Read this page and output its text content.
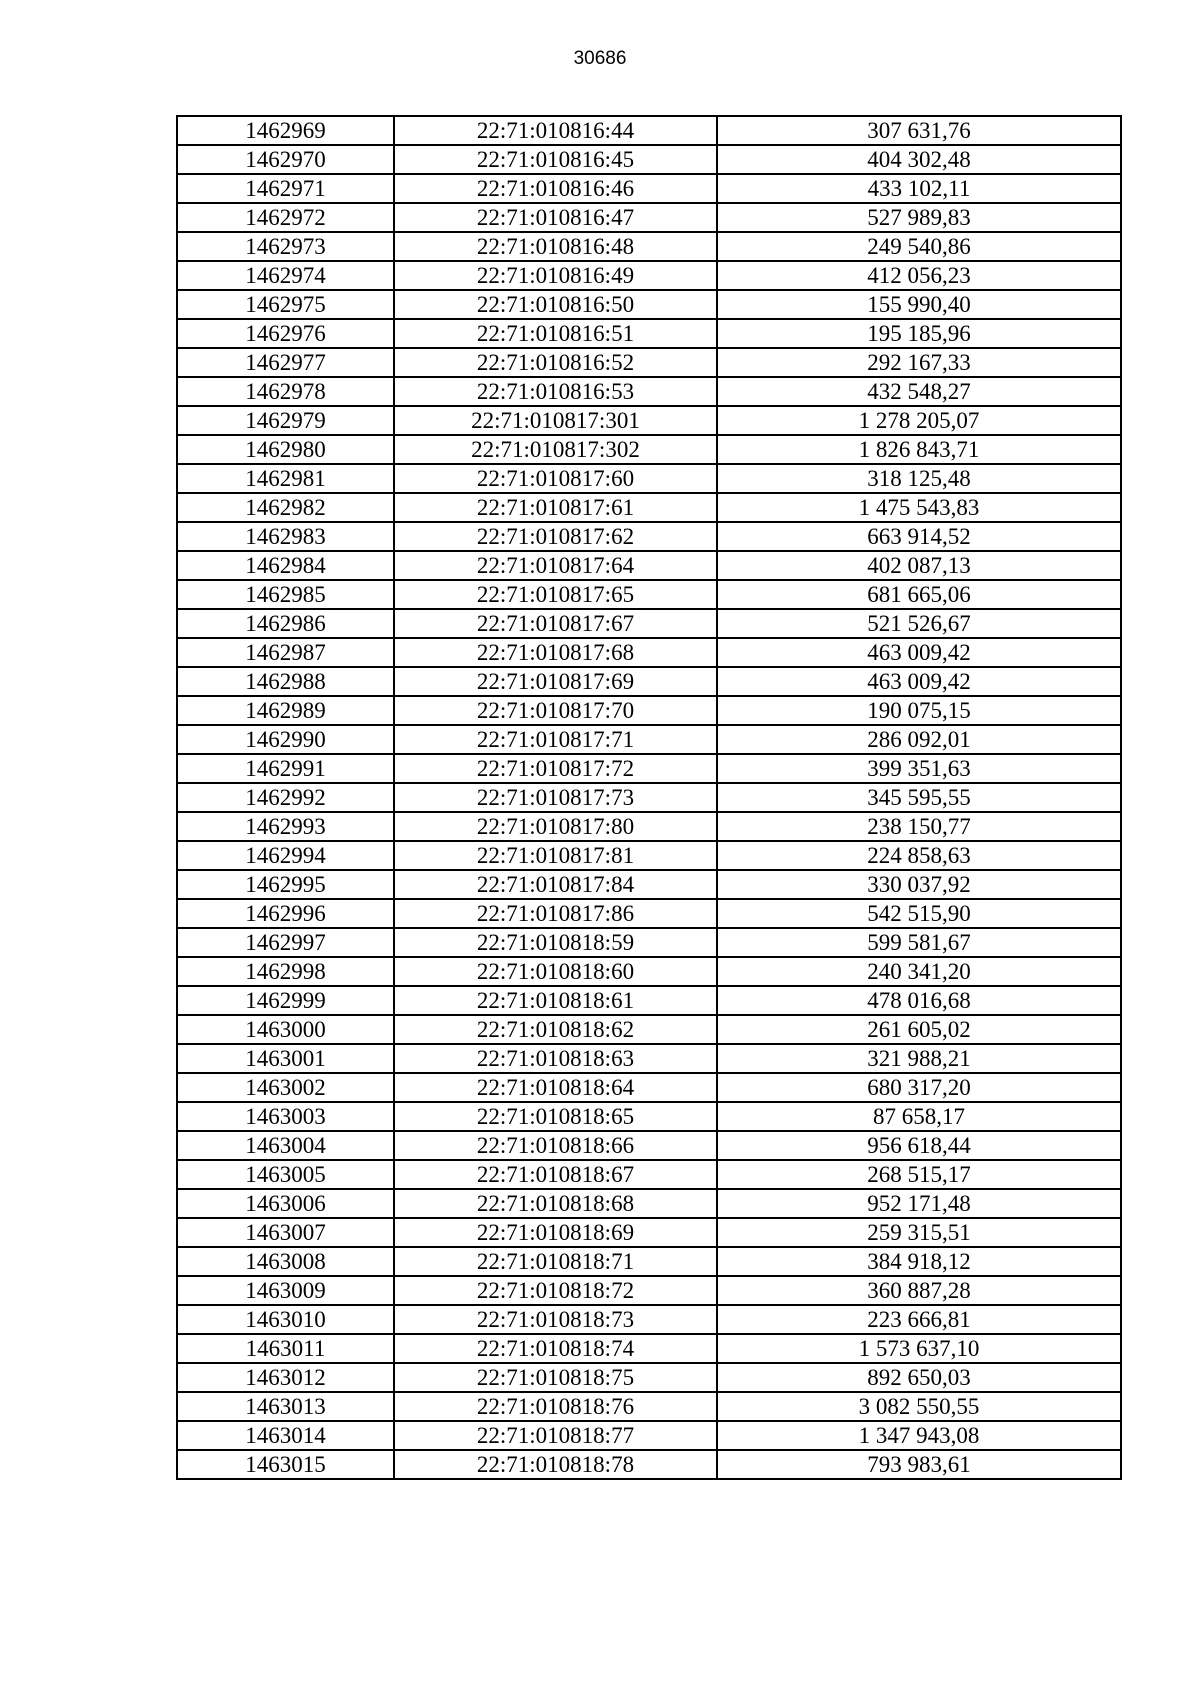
30686
1462969	22:71:010816:44	307 631,76
1462970	22:71:010816:45	404 302,48
1462971	22:71:010816:46	433 102,11
1462972	22:71:010816:47	527 989,83
1462973	22:71:010816:48	249 540,86
1462974	22:71:010816:49	412 056,23
1462975	22:71:010816:50	155 990,40
1462976	22:71:010816:51	195 185,96
1462977	22:71:010816:52	292 167,33
1462978	22:71:010816:53	432 548,27
1462979	22:71:010817:301	1 278 205,07
1462980	22:71:010817:302	1 826 843,71
1462981	22:71:010817:60	318 125,48
1462982	22:71:010817:61	1 475 543,83
1462983	22:71:010817:62	663 914,52
1462984	22:71:010817:64	402 087,13
1462985	22:71:010817:65	681 665,06
1462986	22:71:010817:67	521 526,67
1462987	22:71:010817:68	463 009,42
1462988	22:71:010817:69	463 009,42
1462989	22:71:010817:70	190 075,15
1462990	22:71:010817:71	286 092,01
1462991	22:71:010817:72	399 351,63
1462992	22:71:010817:73	345 595,55
1462993	22:71:010817:80	238 150,77
1462994	22:71:010817:81	224 858,63
1462995	22:71:010817:84	330 037,92
1462996	22:71:010817:86	542 515,90
1462997	22:71:010818:59	599 581,67
1462998	22:71:010818:60	240 341,20
1462999	22:71:010818:61	478 016,68
1463000	22:71:010818:62	261 605,02
1463001	22:71:010818:63	321 988,21
1463002	22:71:010818:64	680 317,20
1463003	22:71:010818:65	87 658,17
1463004	22:71:010818:66	956 618,44
1463005	22:71:010818:67	268 515,17
1463006	22:71:010818:68	952 171,48
1463007	22:71:010818:69	259 315,51
1463008	22:71:010818:71	384 918,12
1463009	22:71:010818:72	360 887,28
1463010	22:71:010818:73	223 666,81
1463011	22:71:010818:74	1 573 637,10
1463012	22:71:010818:75	892 650,03
1463013	22:71:010818:76	3 082 550,55
1463014	22:71:010818:77	1 347 943,08
1463015	22:71:010818:78	793 983,61
